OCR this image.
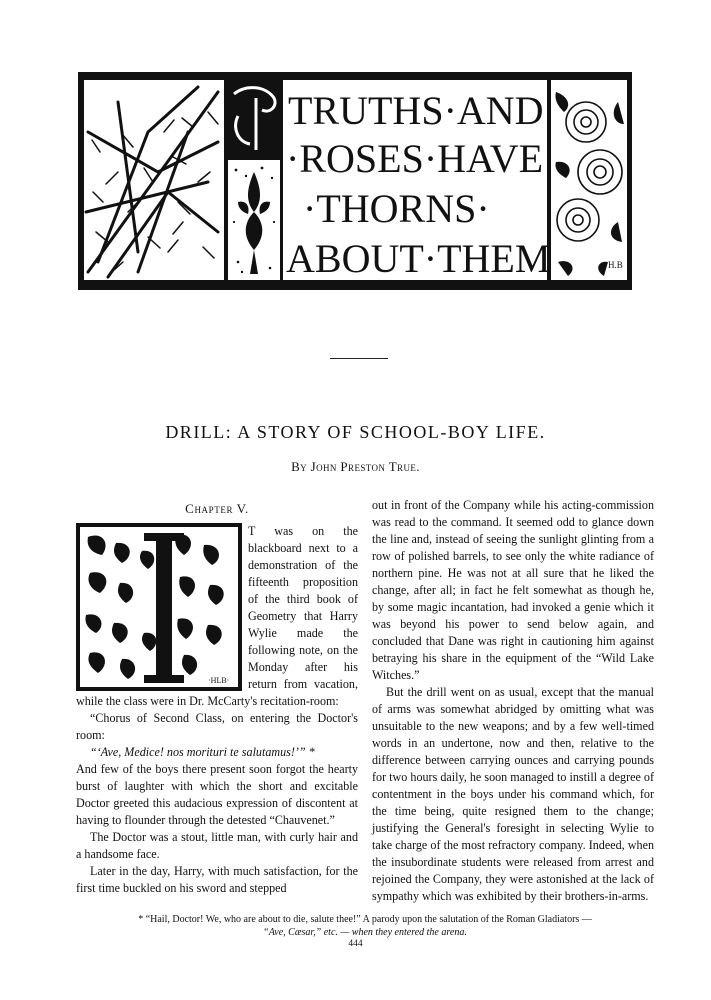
TRUTHS·AND
·ROSES·HAVE
·THORNS·
ABOUT·THEM	H.B
DRILL: A STORY OF SCHOOL-BOY LIFE.
By John Preston True.
Chapter V.
·HLB·

T was on the blackboard next to a demonstration of the fifteenth proposition of the third book of Geometry that Harry Wylie made the following note, on the Monday after his return from vacation, while the class were in Dr. McCarty's recitation-room:

“Chorus of Second Class, on entering the Doctor's room:

“‘Ave, Medice! nos morituri te salutamus!’” *

And few of the boys there present soon forgot the hearty burst of laughter with which the short and excitable Doctor greeted this audacious expression of discontent at having to flounder through the detested “Chauvenet.”

The Doctor was a stout, little man, with curly hair and a handsome face.

Later in the day, Harry, with much satisfaction, for the first time buckled on his sword and stepped

out in front of the Company while his acting-commission was read to the command. It seemed odd to glance down the line and, instead of seeing the sunlight glinting from a row of polished barrels, to see only the white radiance of northern pine. He was not at all sure that he liked the change, after all; in fact he felt somewhat as though he, by some magic incantation, had invoked a genie which it was beyond his power to send below again, and concluded that Dane was right in cautioning him against betraying his share in the equipment of the “Wild Lake Witches.”

But the drill went on as usual, except that the manual of arms was somewhat abridged by omitting what was unsuitable to the new weapons; and by a few well-timed words in an undertone, now and then, relative to the difference between carrying ounces and carrying pounds for two hours daily, he soon managed to instill a degree of contentment in the boys under his command which, for the time being, quite resigned them to the change; justifying the General's foresight in selecting Wylie to take charge of the most refractory company. Indeed, when the insubordinate students were released from arrest and rejoined the Company, they were astonished at the lack of sympathy which was exhibited by their brothers-in-arms.

* “Hail, Doctor! We, who are about to die, salute thee!” A parody upon the salutation of the Roman Gladiators —
“Ave, Cæsar,” etc. — when they entered the arena.
444
